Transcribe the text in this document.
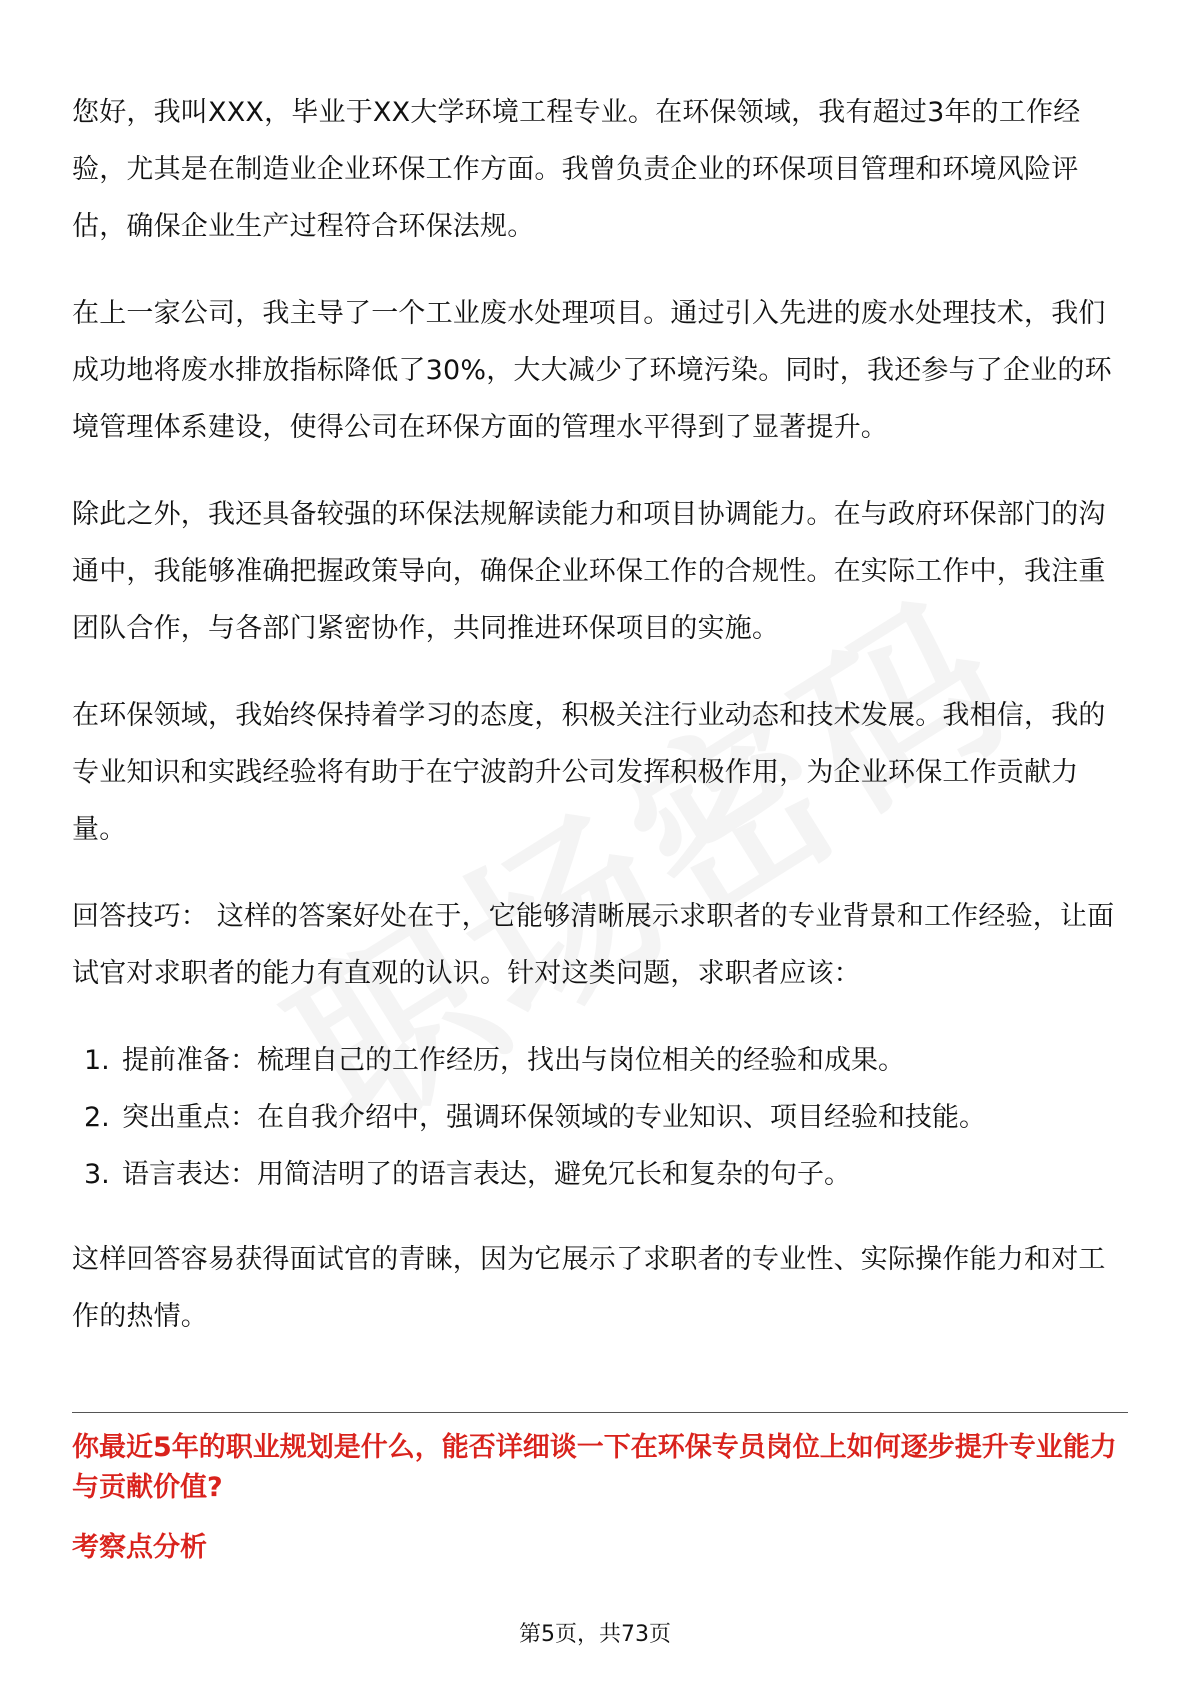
您好，我叫XXX，毕业于XX大学环境工程专业。在环保领域，我有超过3年的工作经验，尤其是在制造业企业环保工作方面。我曾负责企业的环保项目管理和环境风险评估，确保企业生产过程符合环保法规。

在上一家公司，我主导了一个工业废水处理项目。通过引入先进的废水处理技术，我们成功地将废水排放指标降低了30%，大大减少了环境污染。同时，我还参与了企业的环境管理体系建设，使得公司在环保方面的管理水平得到了显著提升。

除此之外，我还具备较强的环保法规解读能力和项目协调能力。在与政府环保部门的沟通中，我能够准确把握政策导向，确保企业环保工作的合规性。在实际工作中，我注重团队合作，与各部门紧密协作，共同推进环保项目的实施。

在环保领域，我始终保持着学习的态度，积极关注行业动态和技术发展。我相信，我的专业知识和实践经验将有助于在宁波韵升公司发挥积极作用，为企业环保工作贡献力量。

回答技巧： 这样的答案好处在于，它能够清晰展示求职者的专业背景和工作经验，让面试官对求职者的能力有直观的认识。针对这类问题，求职者应该：

1. 提前准备：梳理自己的工作经历，找出与岗位相关的经验和成果。
2. 突出重点：在自我介绍中，强调环保领域的专业知识、项目经验和技能。
3. 语言表达：用简洁明了的语言表达，避免冗长和复杂的句子。

这样回答容易获得面试官的青睐，因为它展示了求职者的专业性、实际操作能力和对工作的热情。

你最近5年的职业规划是什么，能否详细谈一下在环保专员岗位上如何逐步提升专业能力与贡献价值?
考察点分析
第5页，共73页
